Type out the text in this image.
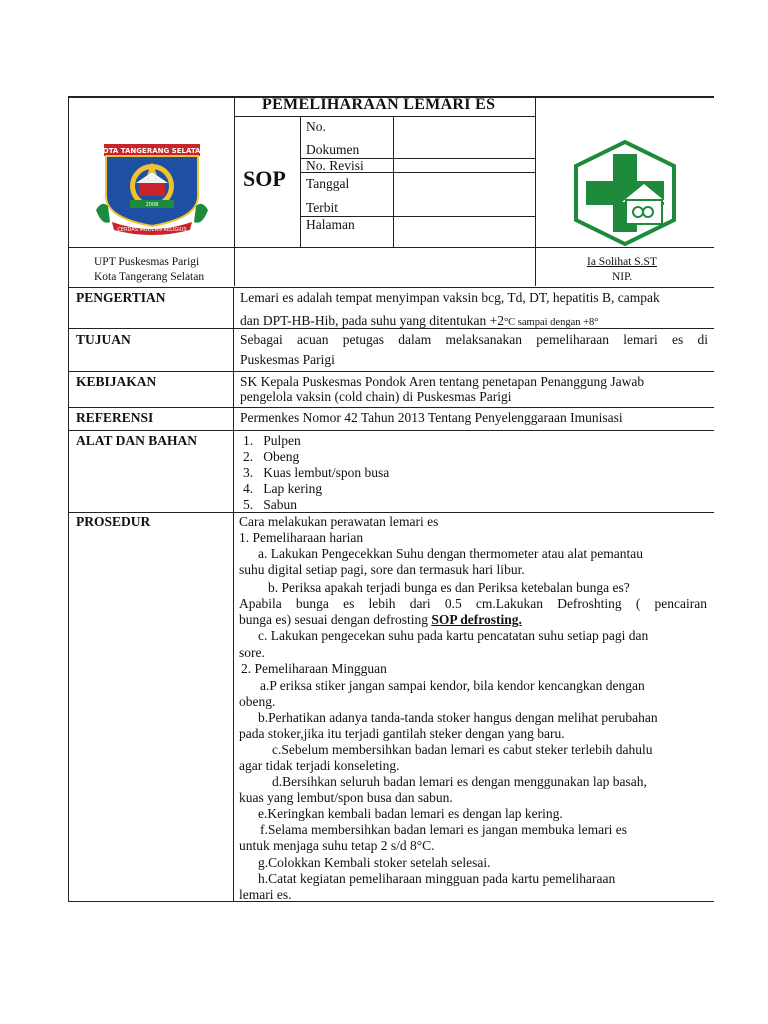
KOTA TANGERANG SELATAN
2008
CERDAS MODERN RELIGIUS
PEMELIHARAAN LEMARI ES
SOP
No.
Dokumen
No. Revisi
Tanggal
Terbit
Halaman
UPT Puskesmas Parigi
Kota Tangerang Selatan
Ia Solihat S.ST
NIP.
PENGERTIAN	Lemari es adalah tempat menyimpan vaksin bcg, Td, DT, hepatitis B, campak
dan DPT-HB-Hib, pada suhu yang ditentukan +2°C sampai dengan +8°
TUJUAN	Sebagai acuan petugas dalam melaksanakan pemeliharaan lemari es di
Puskesmas Parigi
KEBIJAKAN	SK Kepala Puskesmas Pondok Aren tentang penetapan Penanggung Jawab
pengelola vaksin (cold chain) di Puskesmas Parigi
REFERENSI	Permenkes Nomor 42 Tahun 2013 Tentang Penyelenggaraan Imunisasi
ALAT DAN BAHAN	1.   Pulpen
2.   Obeng
3.   Kuas lembut/spon busa
4.   Lap kering
5.   Sabun
PROSEDUR	Cara melakukan perawatan lemari es
1. Pemeliharaan harian
a. Lakukan Pengecekkan Suhu dengan thermometer atau alat pemantau
suhu digital setiap pagi, sore dan termasuk hari libur.
b. Periksa apakah terjadi bunga es dan Periksa ketebalan bunga es?
Apabila bunga es lebih dari 0.5 cm.Lakukan Defroshting ( pencairan
bunga es) sesuai dengan defrosting SOP defrosting.
c. Lakukan pengecekan suhu pada kartu pencatatan suhu setiap pagi dan
sore.
2. Pemeliharaan Mingguan
a.P eriksa stiker jangan sampai kendor, bila kendor kencangkan dengan
obeng.
b.Perhatikan adanya tanda-tanda stoker hangus dengan melihat perubahan
pada stoker,jika itu terjadi gantilah steker dengan yang baru.
c.Sebelum membersihkan badan lemari es cabut steker terlebih dahulu
agar tidak terjadi konseleting.
d.Bersihkan seluruh badan lemari es dengan menggunakan lap basah,
kuas yang lembut/spon busa dan sabun.
e.Keringkan kembali badan lemari es dengan lap kering.
f.Selama membersihkan badan lemari es jangan membuka lemari es
untuk menjaga suhu tetap 2 s/d 8°C.
g.Colokkan Kembali stoker setelah selesai.
h.Catat kegiatan pemeliharaan mingguan pada kartu pemeliharaan
lemari es.
